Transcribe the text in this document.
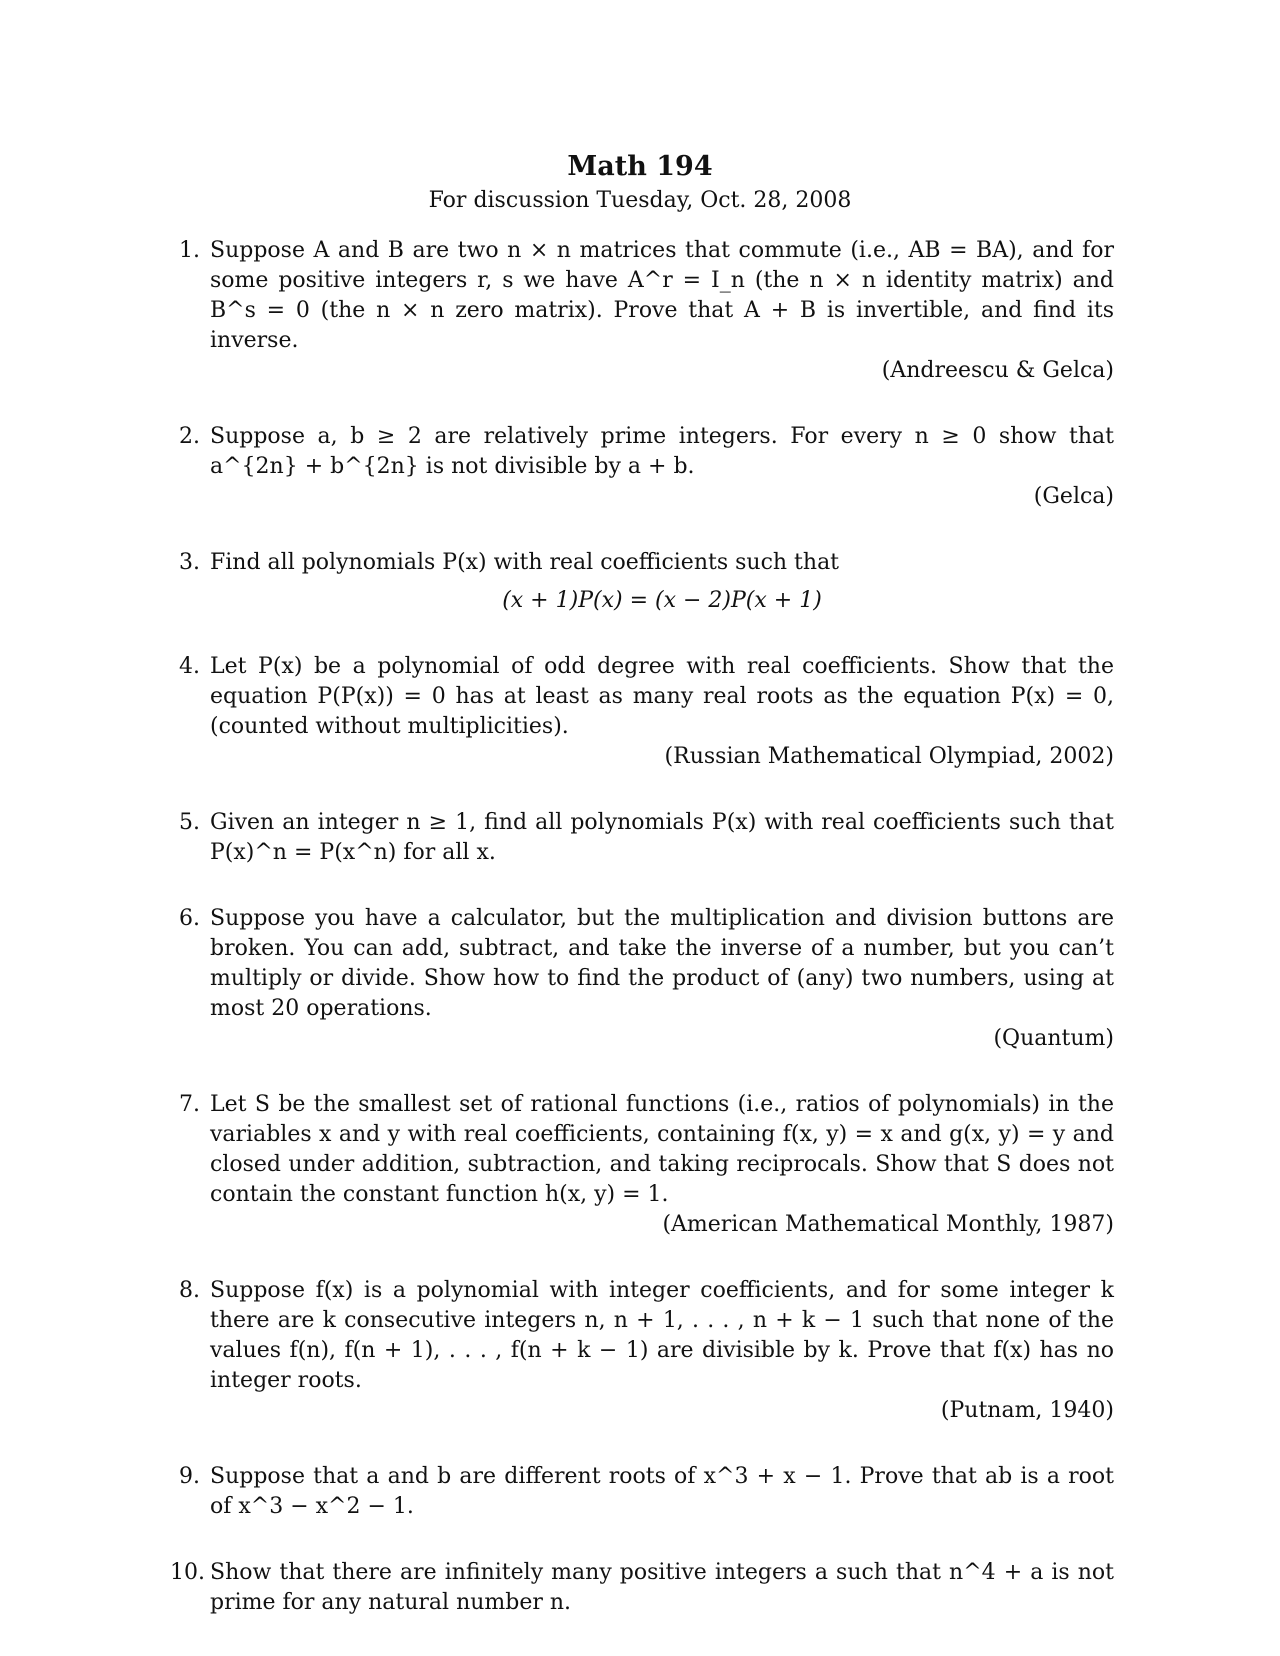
Math 194
For discussion Tuesday, Oct. 28, 2008
1. Suppose A and B are two n × n matrices that commute (i.e., AB = BA), and for some positive integers r, s we have A^r = I_n (the n × n identity matrix) and B^s = 0 (the n × n zero matrix). Prove that A + B is invertible, and find its inverse.
(Andreescu & Gelca)
2. Suppose a, b ≥ 2 are relatively prime integers. For every n ≥ 0 show that a^{2n} + b^{2n} is not divisible by a + b.
(Gelca)
3. Find all polynomials P(x) with real coefficients such that
(x + 1)P(x) = (x − 2)P(x + 1)
4. Let P(x) be a polynomial of odd degree with real coefficients. Show that the equation P(P(x)) = 0 has at least as many real roots as the equation P(x) = 0, (counted without multiplicities).
(Russian Mathematical Olympiad, 2002)
5. Given an integer n ≥ 1, find all polynomials P(x) with real coefficients such that P(x)^n = P(x^n) for all x.
6. Suppose you have a calculator, but the multiplication and division buttons are broken. You can add, subtract, and take the inverse of a number, but you can’t multiply or divide. Show how to find the product of (any) two numbers, using at most 20 operations.
(Quantum)
7. Let S be the smallest set of rational functions (i.e., ratios of polynomials) in the variables x and y with real coefficients, containing f(x, y) = x and g(x, y) = y and closed under addition, subtraction, and taking reciprocals. Show that S does not contain the constant function h(x, y) = 1.
(American Mathematical Monthly, 1987)
8. Suppose f(x) is a polynomial with integer coefficients, and for some integer k there are k consecutive integers n, n + 1, . . . , n + k − 1 such that none of the values f(n), f(n + 1), . . . , f(n + k − 1) are divisible by k. Prove that f(x) has no integer roots.
(Putnam, 1940)
9. Suppose that a and b are different roots of x^3 + x − 1. Prove that ab is a root of x^3 − x^2 − 1.
10. Show that there are infinitely many positive integers a such that n^4 + a is not prime for any natural number n.
